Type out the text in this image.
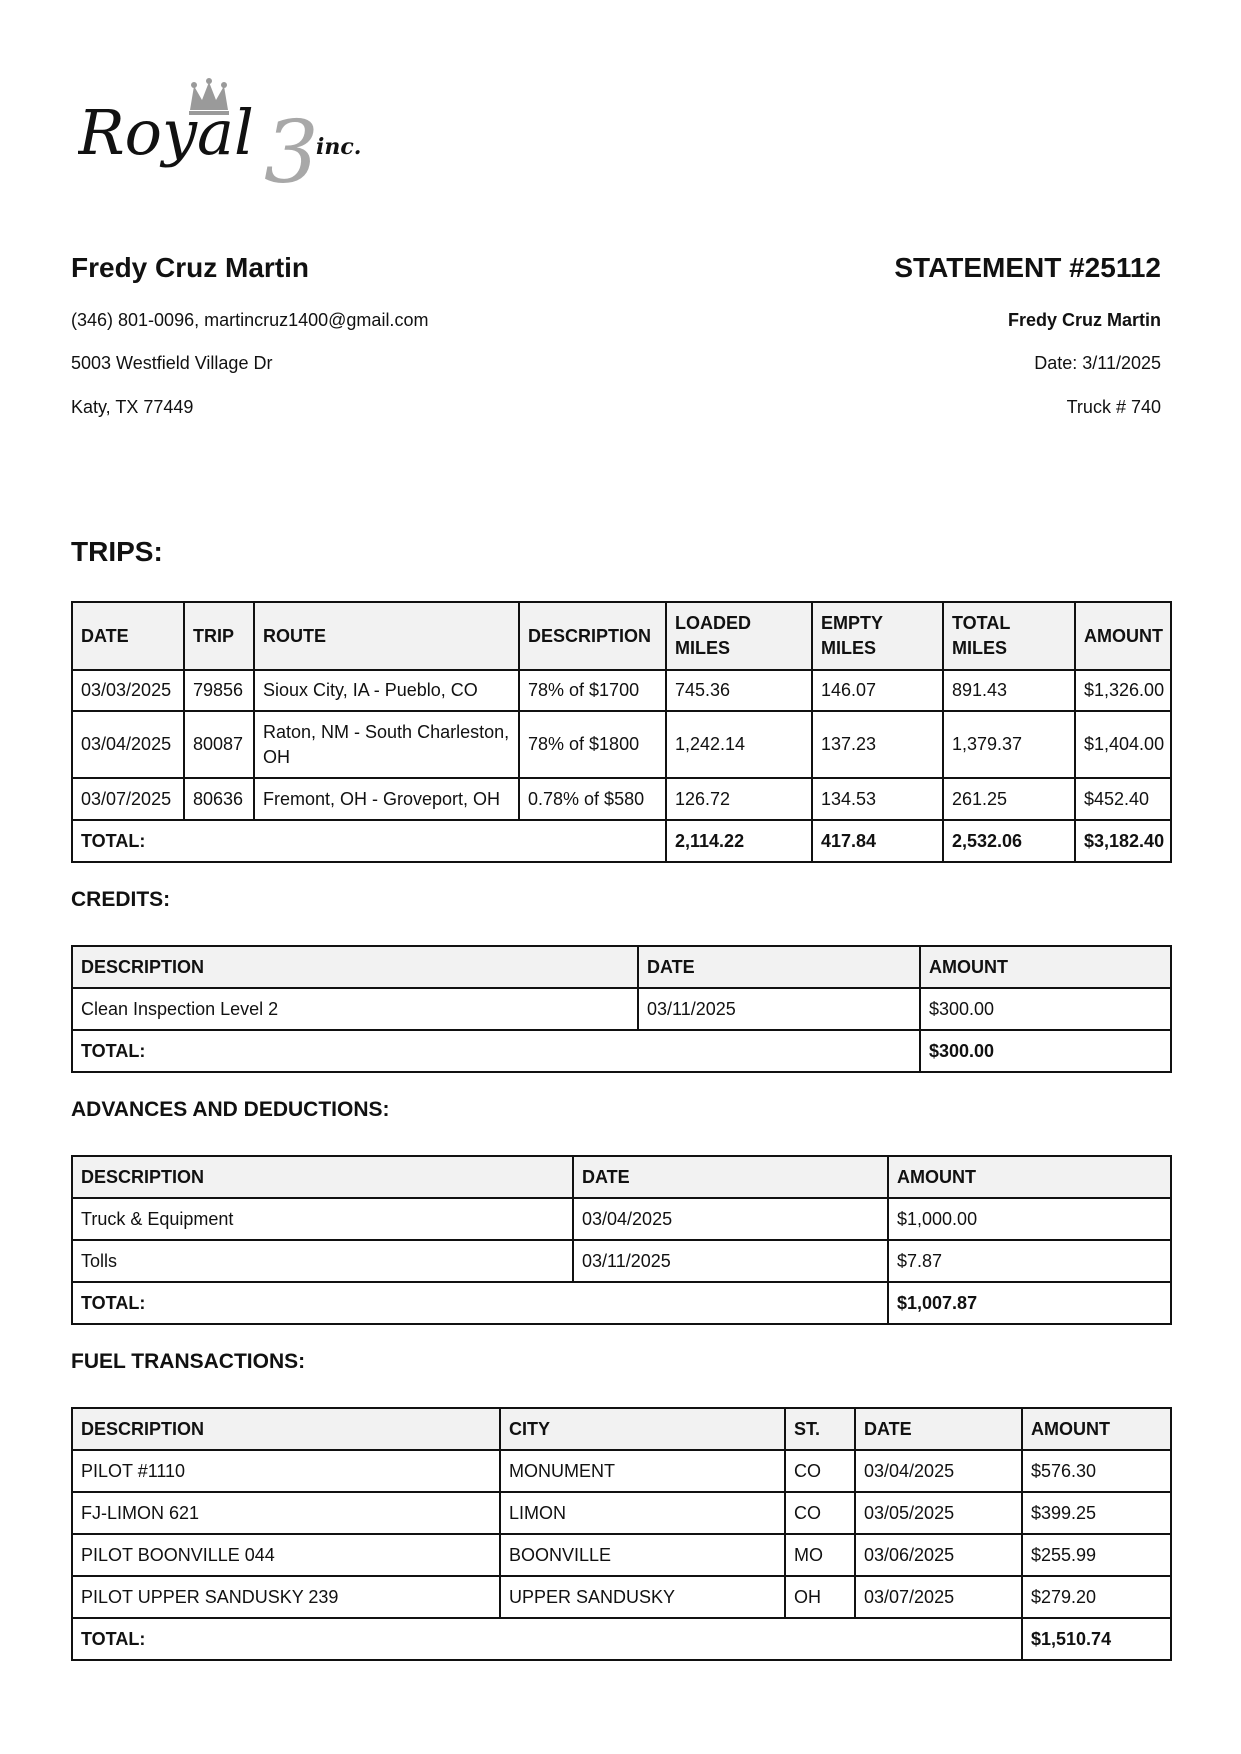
Royal 3
inc.
Fredy Cruz Martin
(346) 801-0096, martincruz1400@gmail.com
5003 Westfield Village Dr
Katy, TX 77449
STATEMENT #25112
Fredy Cruz Martin
Date: 3/11/2025
Truck # 740
TRIPS:
DATE	TRIP	ROUTE	DESCRIPTION	LOADED MILES	EMPTY MILES	TOTAL MILES	AMOUNT
03/03/2025	79856	Sioux City, IA - Pueblo, CO	78% of $1700	745.36	146.07	891.43	$1,326.00
03/04/2025	80087	Raton, NM - South Charleston, OH	78% of $1800	1,242.14	137.23	1,379.37	$1,404.00
03/07/2025	80636	Fremont, OH - Groveport, OH	0.78% of $580	126.72	134.53	261.25	$452.40
TOTAL:				2,114.22	417.84	2,532.06	$3,182.40
CREDITS:
DESCRIPTION	DATE	AMOUNT
Clean Inspection Level 2	03/11/2025	$300.00
TOTAL:		$300.00
ADVANCES AND DEDUCTIONS:
DESCRIPTION	DATE	AMOUNT
Truck & Equipment	03/04/2025	$1,000.00
Tolls	03/11/2025	$7.87
TOTAL:		$1,007.87
FUEL TRANSACTIONS:
DESCRIPTION	CITY	ST.	DATE	AMOUNT
PILOT #1110	MONUMENT	CO	03/04/2025	$576.30
FJ-LIMON 621	LIMON	CO	03/05/2025	$399.25
PILOT BOONVILLE 044	BOONVILLE	MO	03/06/2025	$255.99
PILOT UPPER SANDUSKY 239	UPPER SANDUSKY	OH	03/07/2025	$279.20
TOTAL:				$1,510.74
